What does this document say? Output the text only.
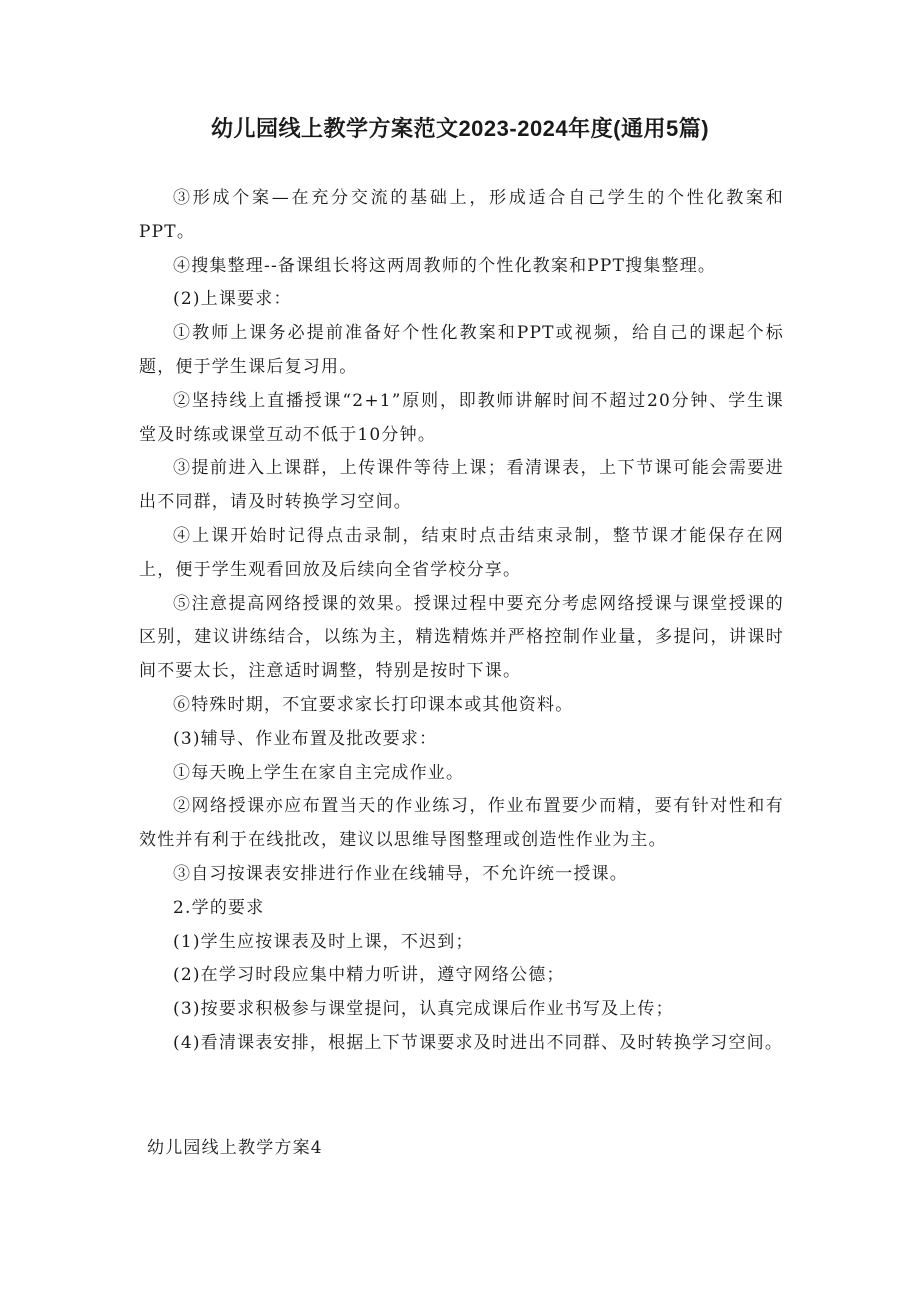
幼儿园线上教学方案范文2023-2024年度(通用5篇)

③形成个案—在充分交流的基础上，形成适合自己学生的个性化教案和PPT。

④搜集整理--备课组长将这两周教师的个性化教案和PPT搜集整理。

(2)上课要求：

①教师上课务必提前准备好个性化教案和PPT或视频，给自己的课起个标题，便于学生课后复习用。

②坚持线上直播授课“2+1”原则，即教师讲解时间不超过20分钟、学生课堂及时练或课堂互动不低于10分钟。

③提前进入上课群，上传课件等待上课；看清课表，上下节课可能会需要进出不同群，请及时转换学习空间。

④上课开始时记得点击录制，结束时点击结束录制，整节课才能保存在网上，便于学生观看回放及后续向全省学校分享。

⑤注意提高网络授课的效果。授课过程中要充分考虑网络授课与课堂授课的区别，建议讲练结合，以练为主，精选精炼并严格控制作业量，多提问，讲课时间不要太长，注意适时调整，特别是按时下课。

⑥特殊时期，不宜要求家长打印课本或其他资料。

(3)辅导、作业布置及批改要求：

①每天晚上学生在家自主完成作业。

②网络授课亦应布置当天的作业练习，作业布置要少而精，要有针对性和有效性并有利于在线批改，建议以思维导图整理或创造性作业为主。

③自习按课表安排进行作业在线辅导，不允许统一授课。

2.学的要求

(1)学生应按课表及时上课，不迟到；

(2)在学习时段应集中精力听讲，遵守网络公德；

(3)按要求积极参与课堂提问，认真完成课后作业书写及上传；

(4)看清课表安排，根据上下节课要求及时进出不同群、及时转换学习空间。

幼儿园线上教学方案4
